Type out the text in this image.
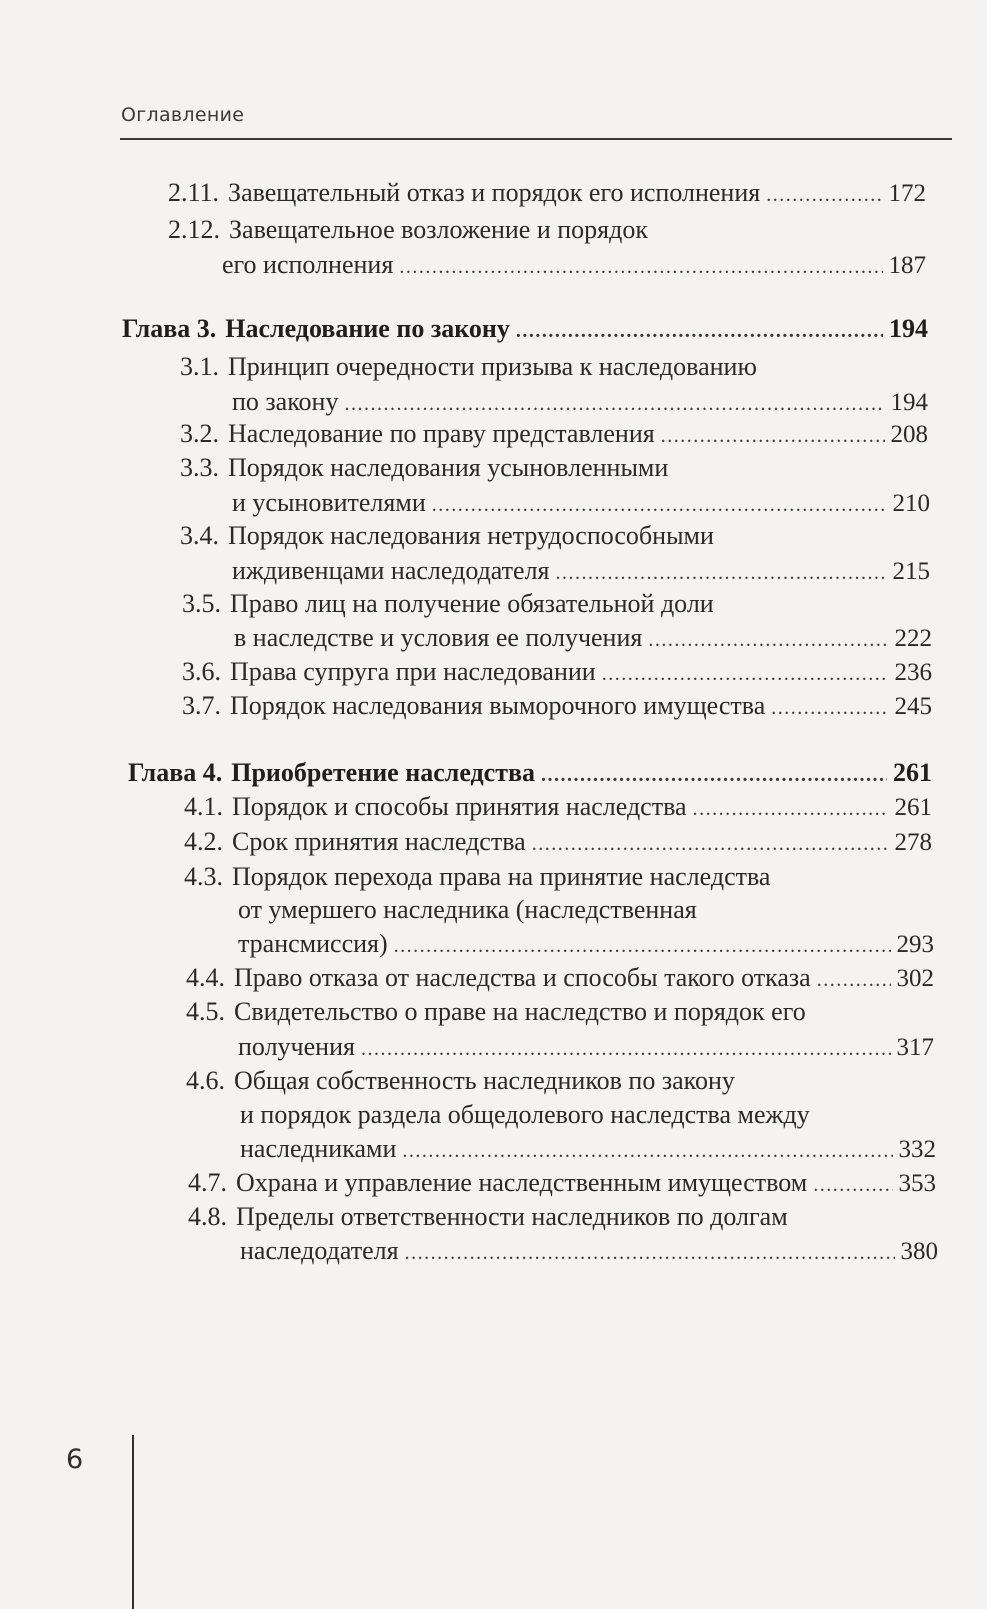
Оглавление
2.11. Завещательный отказ и порядок его исполнения .....	172
2.12. Завещательное возложение и порядок
его исполнения .....	187
Глава 3. Наследование по закону .....	194
3.1. Принцип очередности призыва к наследованию
по закону .....	194
3.2. Наследование по праву представления .....	208
3.3. Порядок наследования усыновленными
и усыновителями .....	210
3.4. Порядок наследования нетрудоспособными
иждивенцами наследодателя .....	215
3.5. Право лиц на получение обязательной доли
в наследстве и условия ее получения .....	222
3.6. Права супруга при наследовании .....	236
3.7. Порядок наследования выморочного имущества .....	245
Глава 4. Приобретение наследства .....	261
4.1. Порядок и способы принятия наследства .....	261
4.2. Срок принятия наследства .....	278
4.3. Порядок перехода права на принятие наследства
от умершего наследника (наследственная
трансмиссия) .....	293
4.4. Право отказа от наследства и способы такого отказа .....	302
4.5. Свидетельство о праве на наследство и порядок его
получения .....	317
4.6. Общая собственность наследников по закону
и порядок раздела общедолевого наследства между
наследниками .....	332
4.7. Охрана и управление наследственным имуществом .....	353
4.8. Пределы ответственности наследников по долгам
наследодателя .....	380
6
